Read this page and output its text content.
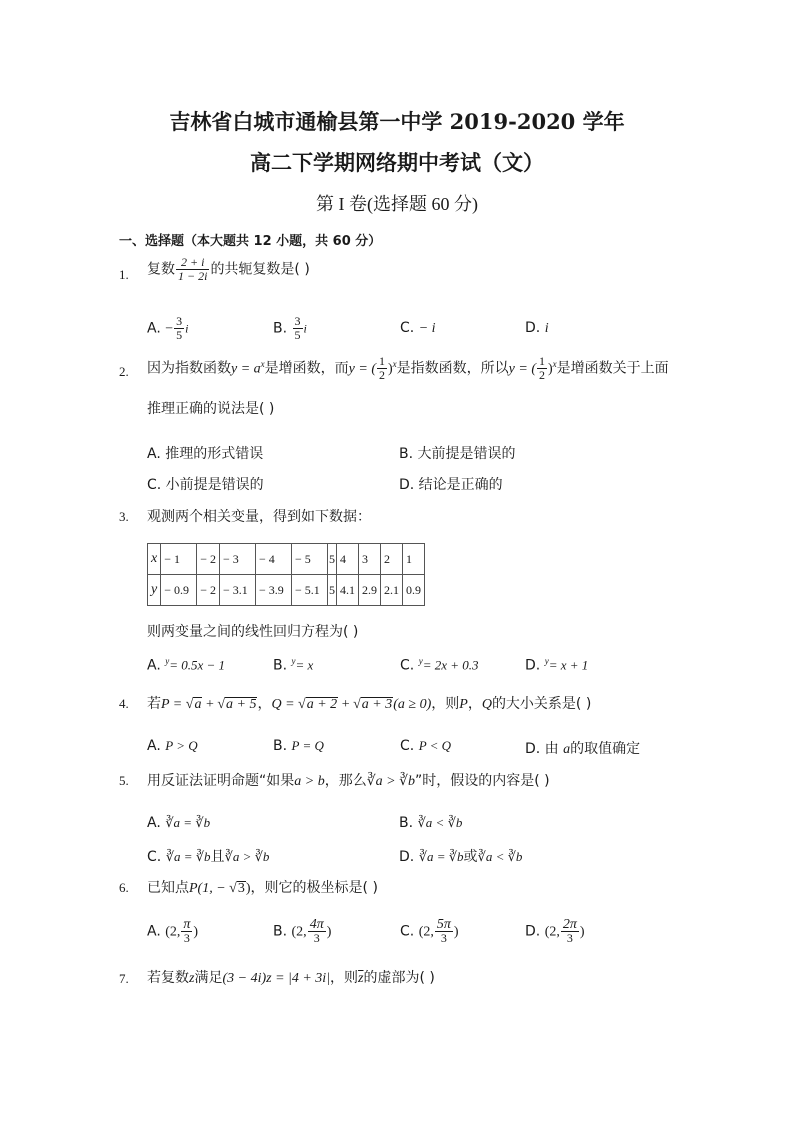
吉林省白城市通榆县第一中学 2019-2020 学年
高二下学期网络期中考试（文）
第 I 卷(选择题 60 分)
一、选择题（本大题共 12 小题，共 60 分）
1. 复数 $\frac{2 + i}{1 - 2i}$ 的共轭复数是( )
A. − $\frac{3}{5}$ i	B. $\frac{3}{5}$ i	C. − i	D. i
2. 因为指数函数$y = a^x$是增函数，而y = ( $\frac{1}{2} )^x$是指数函数，所以y = ( $\frac{1}{2} )^x$是增函数关于上面
推理正确的说法是( )
A. 推理的形式错误	B. 大前提是错误的
C. 小前提是错误的	D. 结论是正确的
3. 观测两个相关变量，得到如下数据：
x	− 1	− 2	− 3	− 4	− 5	5	4	3	2	1
y	− 0.9	− 2	− 3.1	− 3.9	− 5.1	5	4.1	2.9	2.1	0.9
则两变量之间的线性回归方程为( )
A. $^y$= 0.5x − 1	B. $^y$= x	C. $^y$= 2x + 0.3	D. $^y$= x + 1
4. 若P = √a + √a + 5，Q = √a + 2 + √a + 3(a ≥ 0)，则P，Q的大小关系是( )
A. P > Q	B. P = Q	C. P < Q	D. 由 a的取值确定
5. 用反证法证明命题“如果a > b，那么∛a > ∛b”时，假设的内容是( )
A. ∛a = ∛b	B. ∛a < ∛b
C. ∛a = ∛b且∛a > ∛b	D. ∛a = ∛b或∛a < ∛b
6. 已知点P(1, − √3)，则它的极坐标是( )
A. (2, $\frac{\pi}{3}$ )	B. (2, $\frac{4\pi}{3}$ )	C. (2, $\frac{5\pi}{3}$ )	D. (2, $\frac{2\pi}{3}$ )
7. 若复数z满足(3 − 4i)z = |4 + 3i|，则$\overline{z}$的虚部为( )
